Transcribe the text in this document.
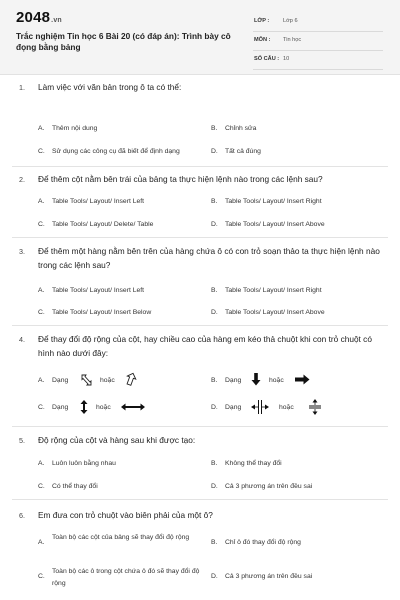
2048.vn
Trắc nghiệm Tin học 6 Bài 20 (có đáp án): Trình bày cô đọng bằng bảng
LỚP : Lớp 6
MÔN : Tin học
SỐ CÂU : 10
1. Làm việc với văn bản trong ô ta có thể:
A. Thêm nội dung	B. Chỉnh sửa
C. Sử dụng các công cụ đã biết để định dạng	D. Tất cả đúng
2. Để thêm cột nằm bên trái của bảng ta thực hiện lệnh nào trong các lệnh sau?
A. Table Tools/ Layout/ Insert Left	B. Table Tools/ Layout/ Insert Right
C. Table Tools/ Layout/ Delete/ Table	D. Table Tools/ Layout/ Insert Above
3. Để thêm một hàng nằm bên trên của hàng chứa ô có con trỏ soạn thảo ta thực hiện lệnh nào trong các lệnh sau?
A. Table Tools/ Layout/ Insert Left	B. Table Tools/ Layout/ Insert Right
C. Table Tools/ Layout/ Insert Below	D. Table Tools/ Layout/ Insert Above
4. Để thay đổi độ rộng của cột, hay chiều cao của hàng em kéo thả chuột khi con trỏ chuột có hình nào dưới đây:
A. Dạng	hoặc	B. Dạng	hoặc
C. Dạng	hoặc	D. Dạng	hoặc
5. Độ rộng của cột và hàng sau khi được tạo:
A. Luôn luôn bằng nhau	B. Không thể thay đổi
C. Có thể thay đổi	D. Cả 3 phương án trên đều sai
6. Em đưa con trỏ chuột vào biên phải của một ô?
A.
Toàn bộ các cột của bảng sẽ thay đổi độ rộng
B. Chỉ ô đó thay đổi độ rộng
C.
Toàn bộ các ô trong cột chứa ô đó sẽ thay đổi độ rộng
D. Cả 3 phương án trên đều sai
